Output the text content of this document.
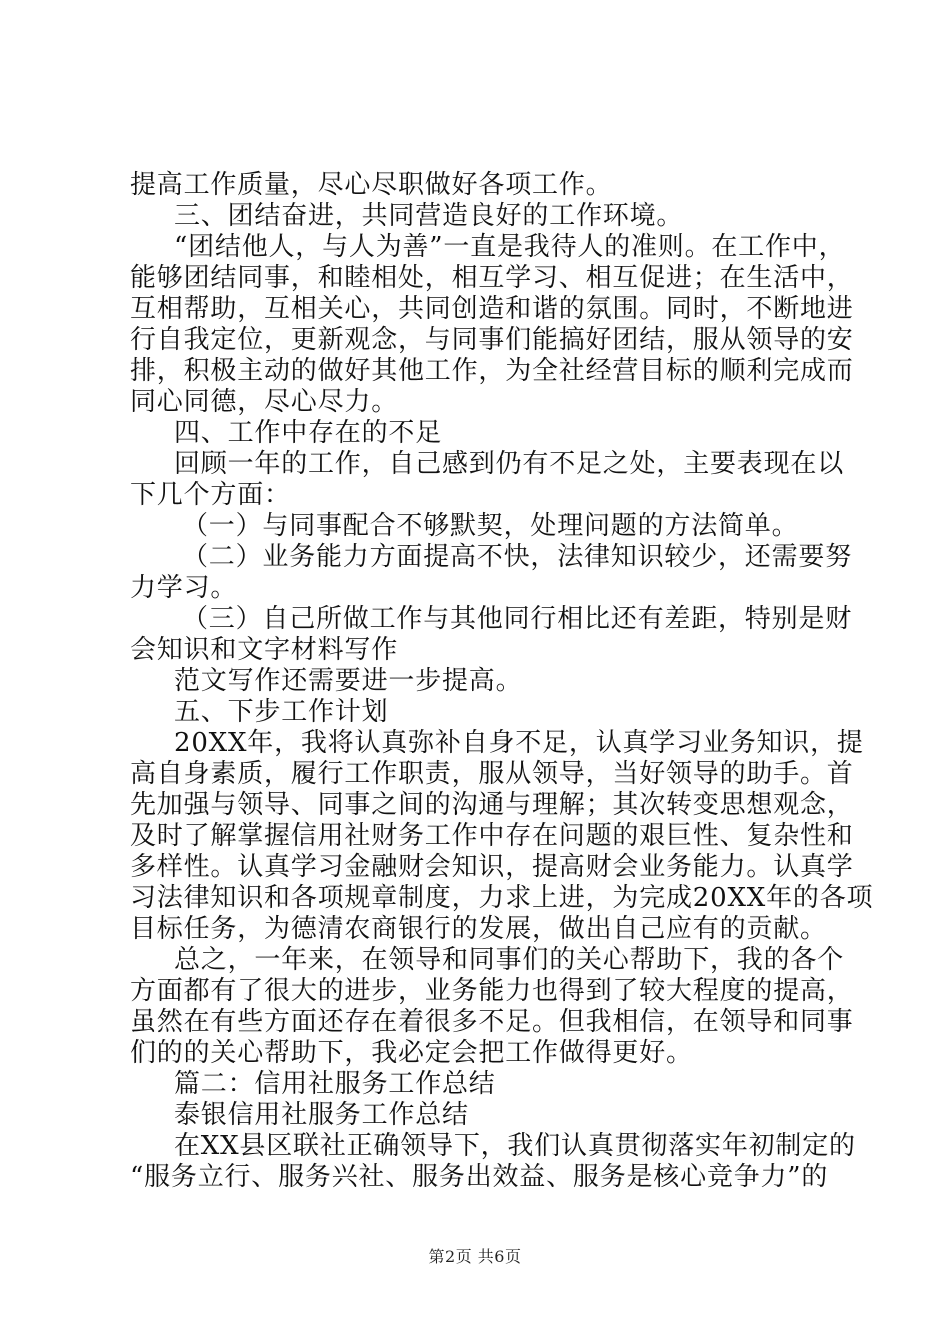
提高工作质量，尽心尽职做好各项工作。
三、团结奋进，共同营造良好的工作环境。
“团结他人，与人为善”一直是我待人的准则。在工作中，
能够团结同事，和睦相处，相互学习、相互促进；在生活中，
互相帮助，互相关心，共同创造和谐的氛围。同时，不断地进
行自我定位，更新观念，与同事们能搞好团结，服从领导的安
排，积极主动的做好其他工作，为全社经营目标的顺利完成而
同心同德，尽心尽力。
四、工作中存在的不足
回顾一年的工作，自己感到仍有不足之处，主要表现在以
下几个方面：
（一）与同事配合不够默契，处理问题的方法简单。
（二）业务能力方面提高不快，法律知识较少，还需要努
力学习。
（三）自己所做工作与其他同行相比还有差距，特别是财
会知识和文字材料写作
范文写作还需要进一步提高。
五、下步工作计划
20XX年，我将认真弥补自身不足，认真学习业务知识，提
高自身素质，履行工作职责，服从领导，当好领导的助手。首
先加强与领导、同事之间的沟通与理解；其次转变思想观念，
及时了解掌握信用社财务工作中存在问题的艰巨性、复杂性和
多样性。认真学习金融财会知识，提高财会业务能力。认真学
习法律知识和各项规章制度，力求上进，为完成20XX年的各项
目标任务，为德清农商银行的发展，做出自己应有的贡献。
总之，一年来，在领导和同事们的关心帮助下，我的各个
方面都有了很大的进步，业务能力也得到了较大程度的提高，
虽然在有些方面还存在着很多不足。但我相信，在领导和同事
们的的关心帮助下，我必定会把工作做得更好。
篇二：信用社服务工作总结
泰银信用社服务工作总结
在XX县区联社正确领导下，我们认真贯彻落实年初制定的
“服务立行、服务兴社、服务出效益、服务是核心竞争力”的
第2页 共6页
